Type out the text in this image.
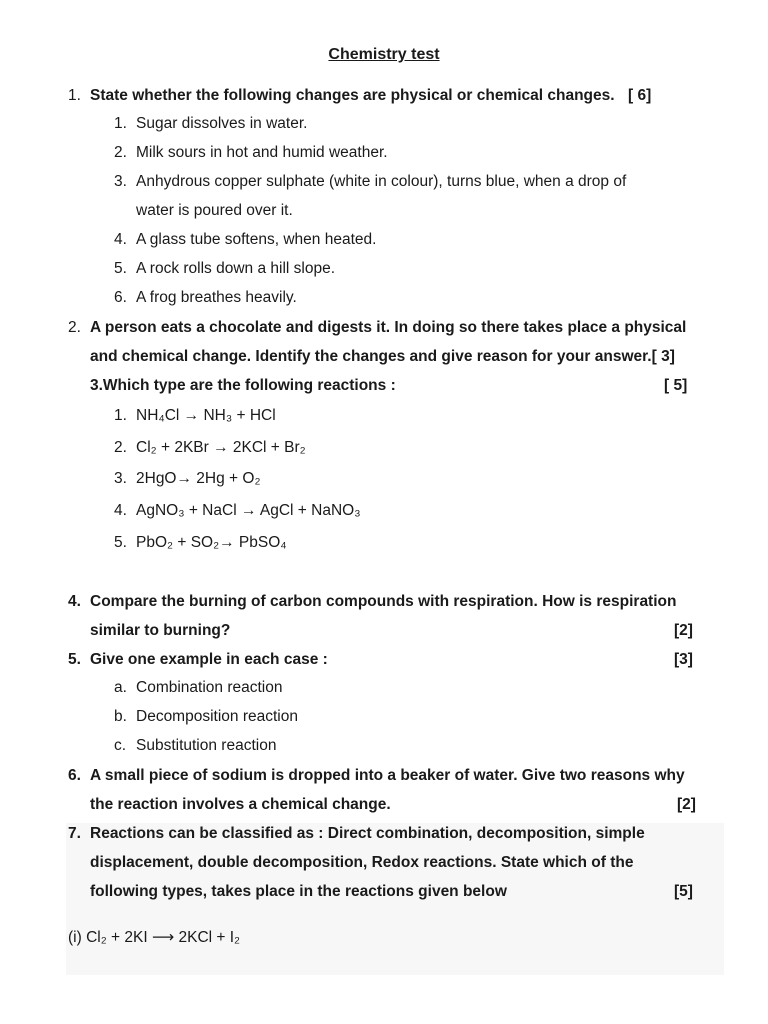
Chemistry test
1. State whether the following changes are physical or chemical changes. [ 6]
1. Sugar dissolves in water.
2. Milk sours in hot and humid weather.
3. Anhydrous copper sulphate (white in colour), turns blue, when a drop of
water is poured over it.
4. A glass tube softens, when heated.
5. A rock rolls down a hill slope.
6. A frog breathes heavily.
2. A person eats a chocolate and digests it. In doing so there takes place a physical
and chemical change. Identify the changes and give reason for your answer.[ 3]
3.Which type are the following reactions :	[ 5]
1. NH₄Cl → NH₃ + HCl
2. Cl₂ + 2KBr → 2KCl + Br₂
3. 2HgO→ 2Hg + O₂
4. AgNO₃ + NaCl → AgCl + NaNO₃
5. PbO₂ + SO₂→ PbSO₄
4. Compare the burning of carbon compounds with respiration. How is respiration
similar to burning?	[2]
5. Give one example in each case :	[3]
a. Combination reaction
b. Decomposition reaction
c. Substitution reaction
6. A small piece of sodium is dropped into a beaker of water. Give two reasons why
the reaction involves a chemical change.	[2]
7. Reactions can be classified as : Direct combination, decomposition, simple
displacement, double decomposition, Redox reactions. State which of the
following types, takes place in the reactions given below	[5]
(i) Cl₂ + 2KI ⟶ 2KCl + I₂
